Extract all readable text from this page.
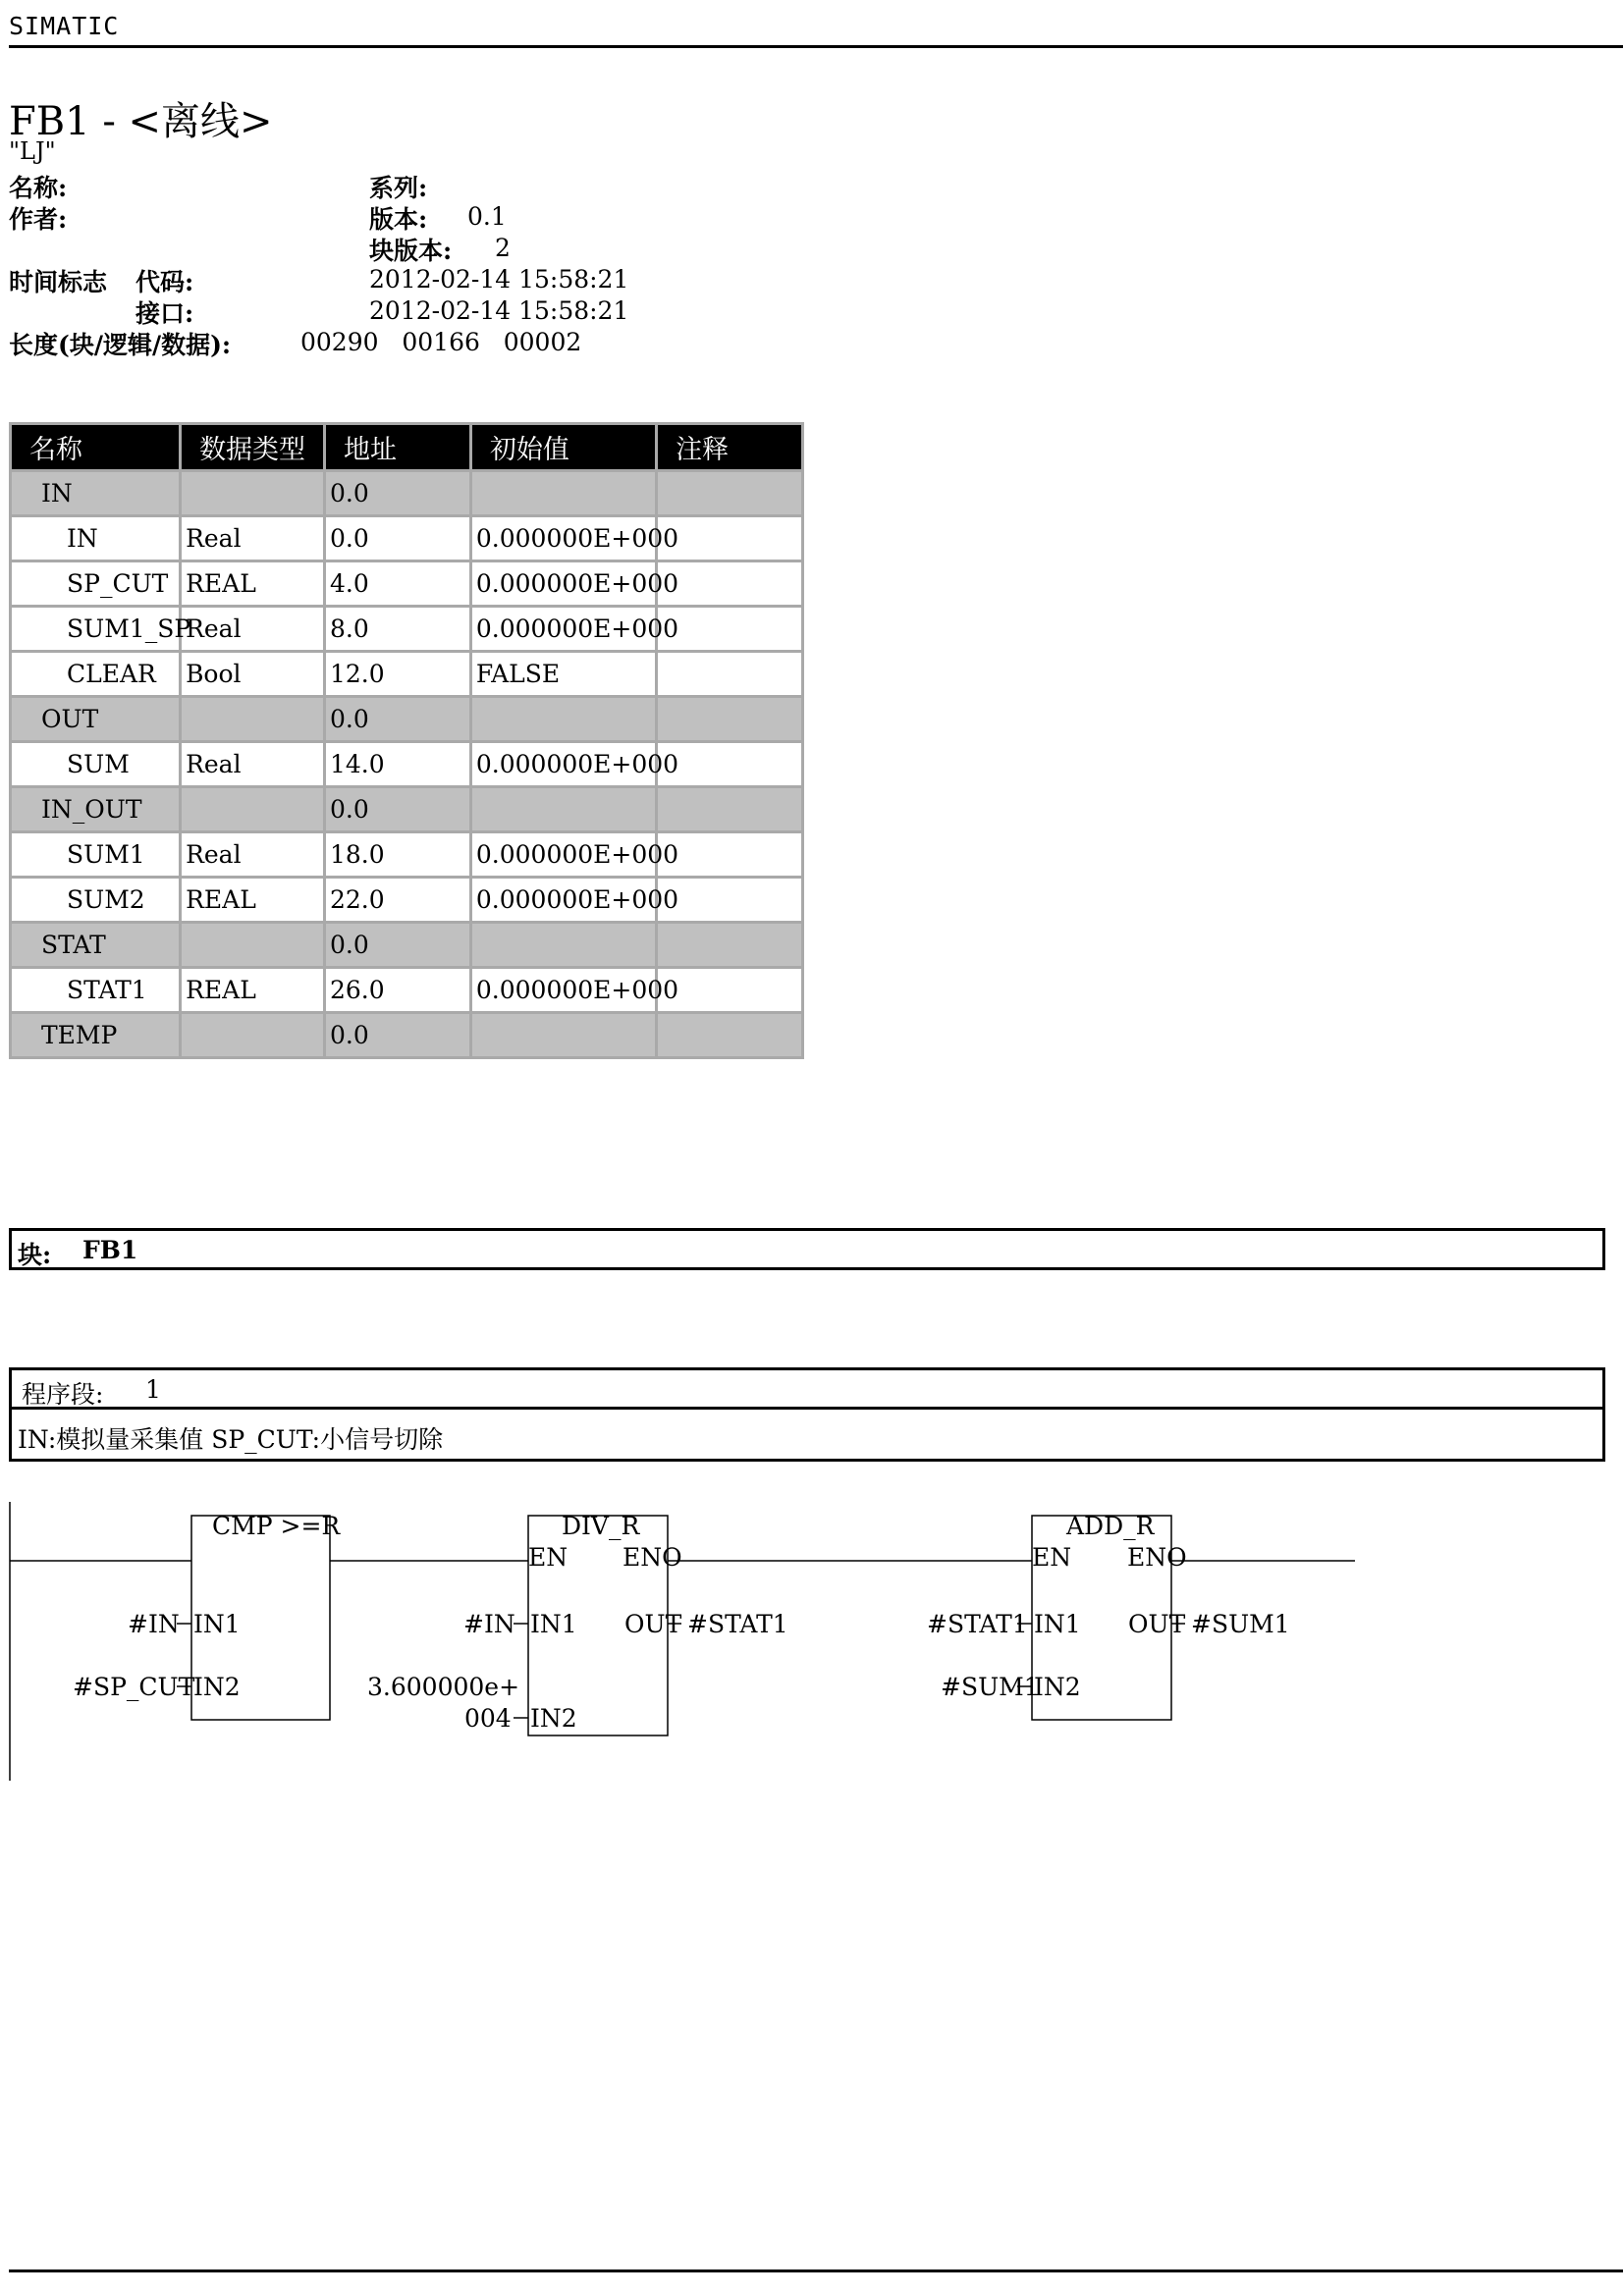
SIMATIC
FB1 - <离线>
"LJ"
名称:	系列:
作者:	版本: 0.1
块版本: 2
时间标志 代码:	2012-02-14 15:58:21
接口:	2012-02-14 15:58:21
长度(块/逻辑/数据):	00290   00166   00002
名称	数据类型	地址	初始值	注释
IN		0.0		
IN	Real	0.0	0.000000E+000	
SP_CUT	REAL	4.0	0.000000E+000	
SUM1_SP	Real	8.0	0.000000E+000	
CLEAR	Bool	12.0	FALSE	
OUT		0.0		
SUM	Real	14.0	0.000000E+000	
IN_OUT		0.0		
SUM1	Real	18.0	0.000000E+000	
SUM2	REAL	22.0	0.000000E+000	
STAT		0.0		
STAT1	REAL	26.0	0.000000E+000	
TEMP		0.0		
块: FB1
程序段: 1
IN:模拟量采集值 SP_CUT:小信号切除
CMP >=R
IN1
IN2
#IN
#SP_CUT
DIV_R
EN ENO
IN1
IN2
OUT
#IN
3.600000e+
004
#STAT1
ADD_R
EN ENO
IN1
IN2
OUT
#STAT1
#SUM1
#SUM1
